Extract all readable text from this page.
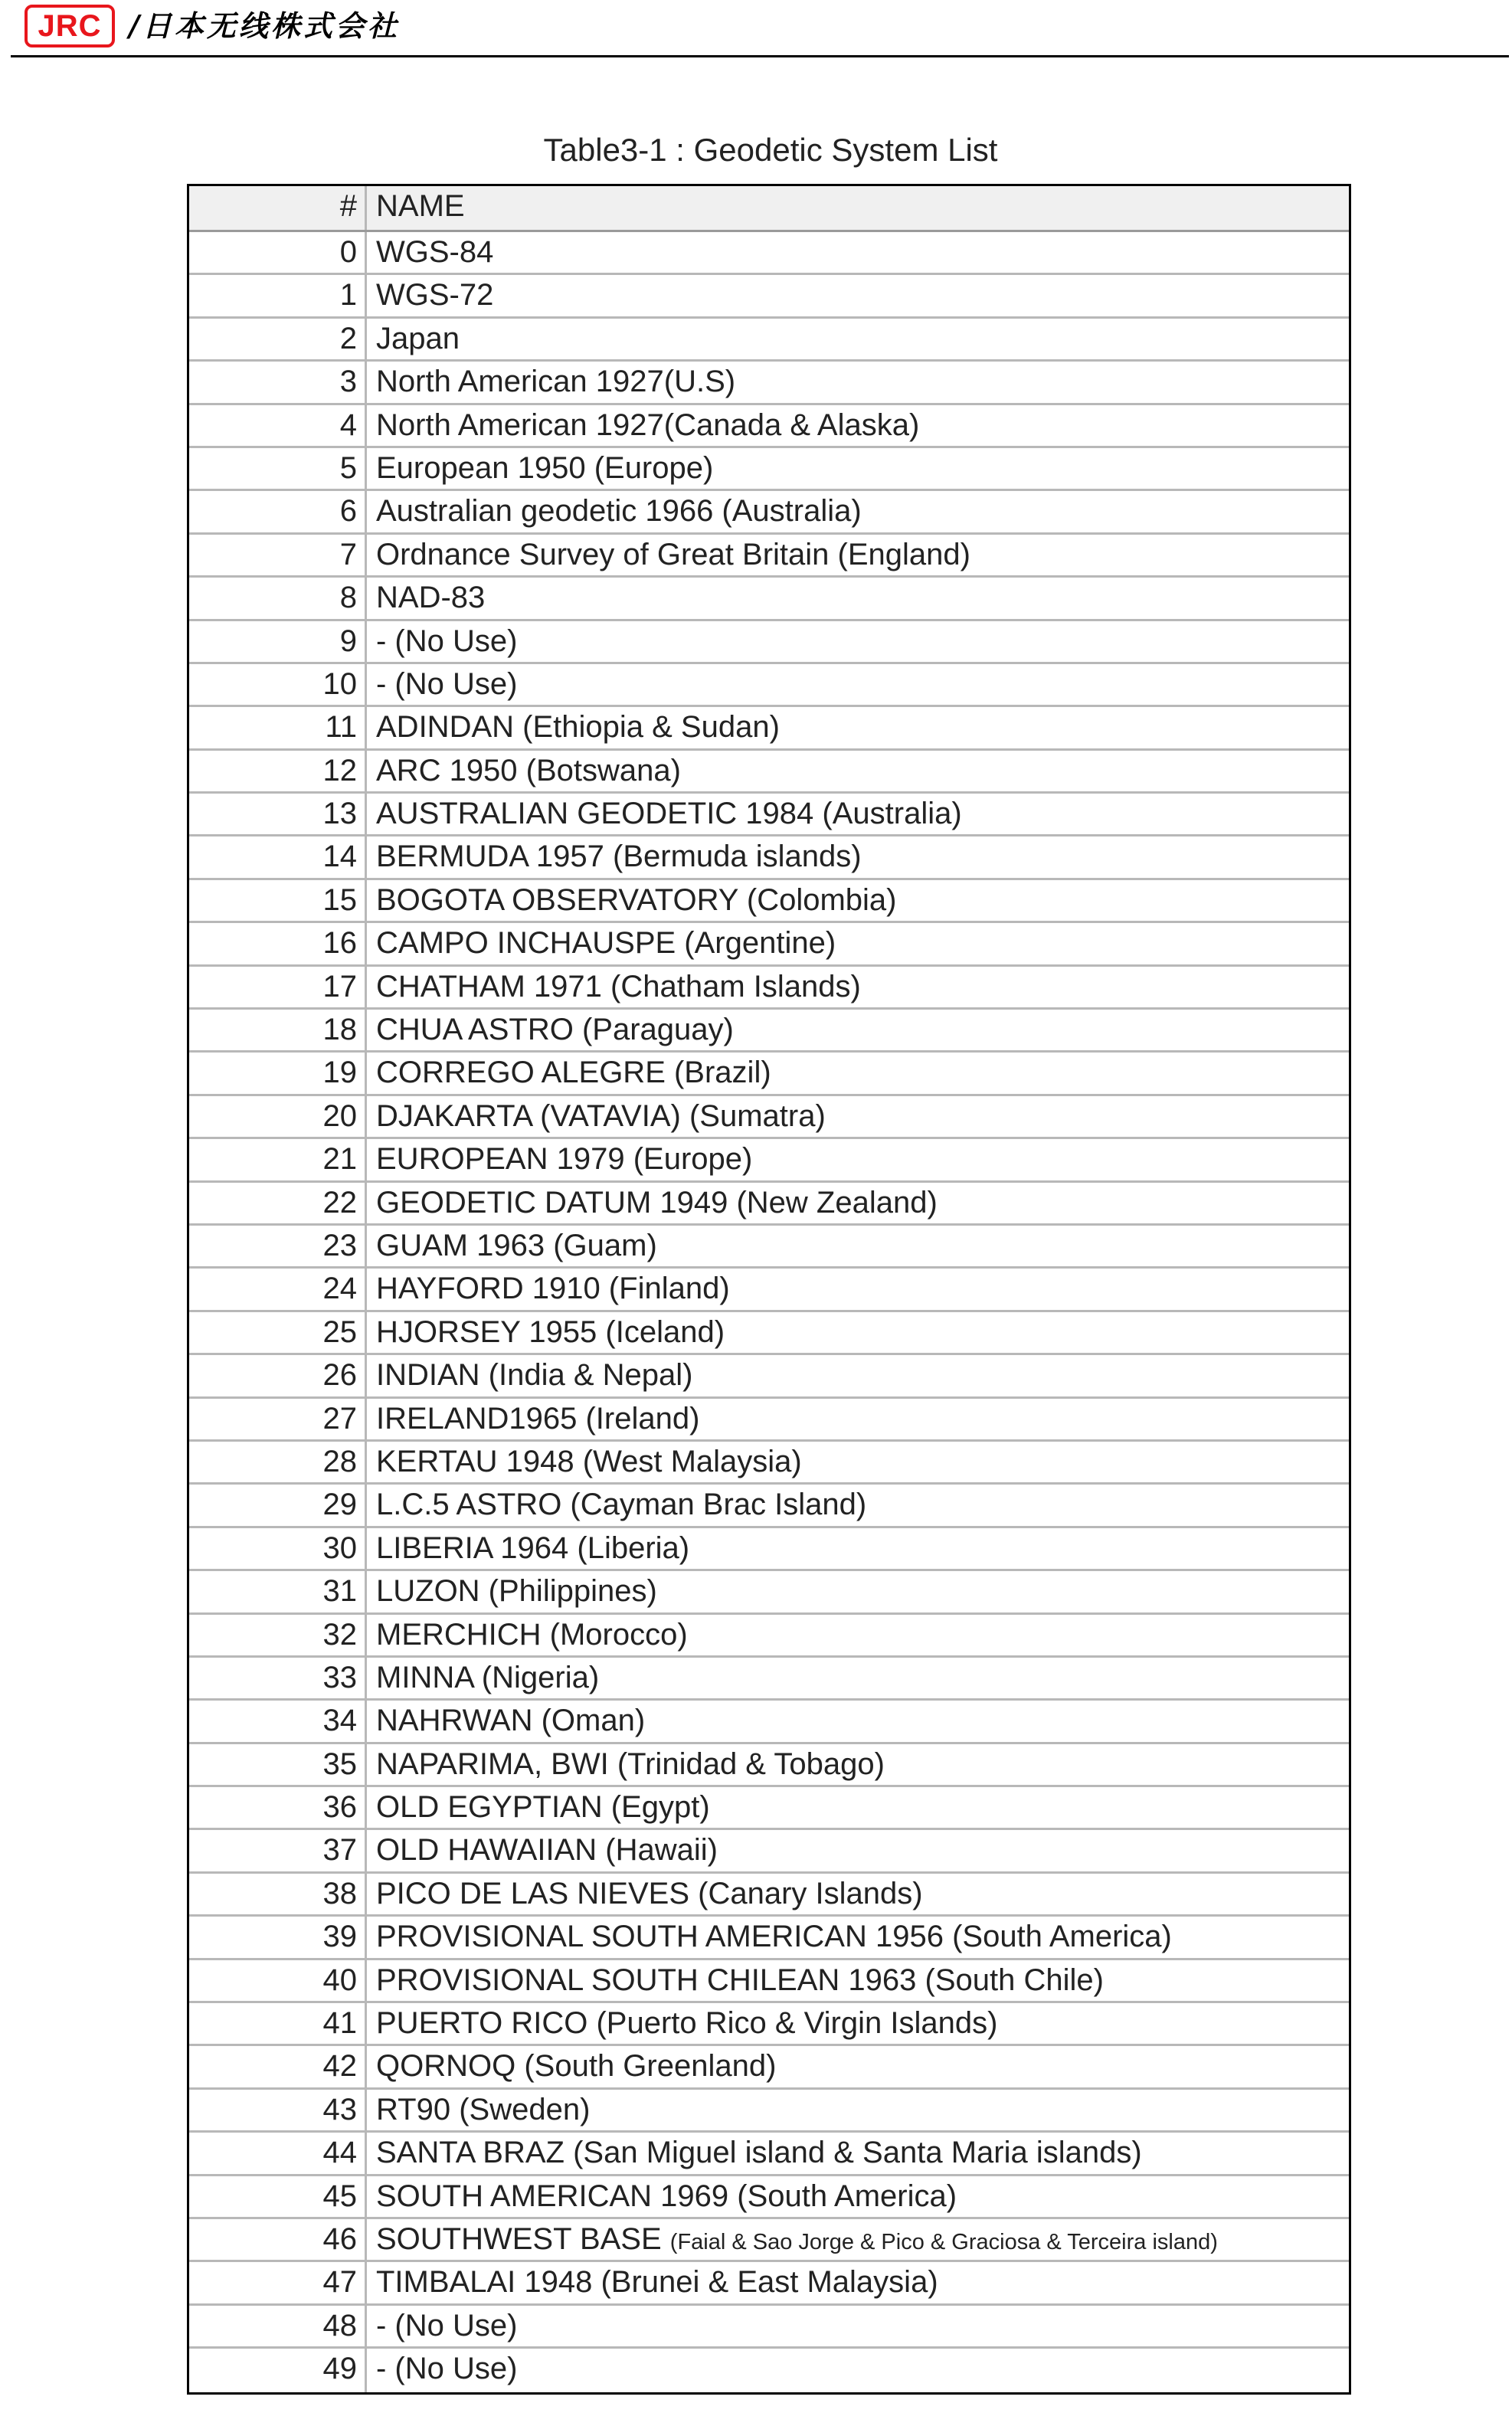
JRC /日本无线株式会社
Table3-1 : Geodetic System List
# NAME
0 WGS-84
1 WGS-72
2 Japan
3 North American 1927(U.S)
4 North American 1927(Canada & Alaska)
5 European 1950 (Europe)
6 Australian geodetic 1966 (Australia)
7 Ordnance Survey of Great Britain (England)
8 NAD-83
9 - (No Use)
10 - (No Use)
11 ADINDAN (Ethiopia & Sudan)
12 ARC 1950 (Botswana)
13 AUSTRALIAN GEODETIC 1984 (Australia)
14 BERMUDA 1957 (Bermuda islands)
15 BOGOTA OBSERVATORY (Colombia)
16 CAMPO INCHAUSPE (Argentine)
17 CHATHAM 1971 (Chatham Islands)
18 CHUA ASTRO (Paraguay)
19 CORREGO ALEGRE (Brazil)
20 DJAKARTA (VATAVIA) (Sumatra)
21 EUROPEAN 1979 (Europe)
22 GEODETIC DATUM 1949 (New Zealand)
23 GUAM 1963 (Guam)
24 HAYFORD 1910 (Finland)
25 HJORSEY 1955 (Iceland)
26 INDIAN (India & Nepal)
27 IRELAND1965 (Ireland)
28 KERTAU 1948 (West Malaysia)
29 L.C.5 ASTRO (Cayman Brac Island)
30 LIBERIA 1964 (Liberia)
31 LUZON (Philippines)
32 MERCHICH (Morocco)
33 MINNA (Nigeria)
34 NAHRWAN (Oman)
35 NAPARIMA, BWI (Trinidad & Tobago)
36 OLD EGYPTIAN (Egypt)
37 OLD HAWAIIAN (Hawaii)
38 PICO DE LAS NIEVES (Canary Islands)
39 PROVISIONAL SOUTH AMERICAN 1956 (South America)
40 PROVISIONAL SOUTH CHILEAN 1963 (South Chile)
41 PUERTO RICO (Puerto Rico & Virgin Islands)
42 QORNOQ (South Greenland)
43 RT90 (Sweden)
44 SANTA BRAZ (San Miguel island & Santa Maria islands)
45 SOUTH AMERICAN 1969 (South America)
46 SOUTHWEST BASE (Faial & Sao Jorge & Pico & Graciosa & Terceira island)
47 TIMBALAI 1948 (Brunei & East Malaysia)
48 - (No Use)
49 - (No Use)
